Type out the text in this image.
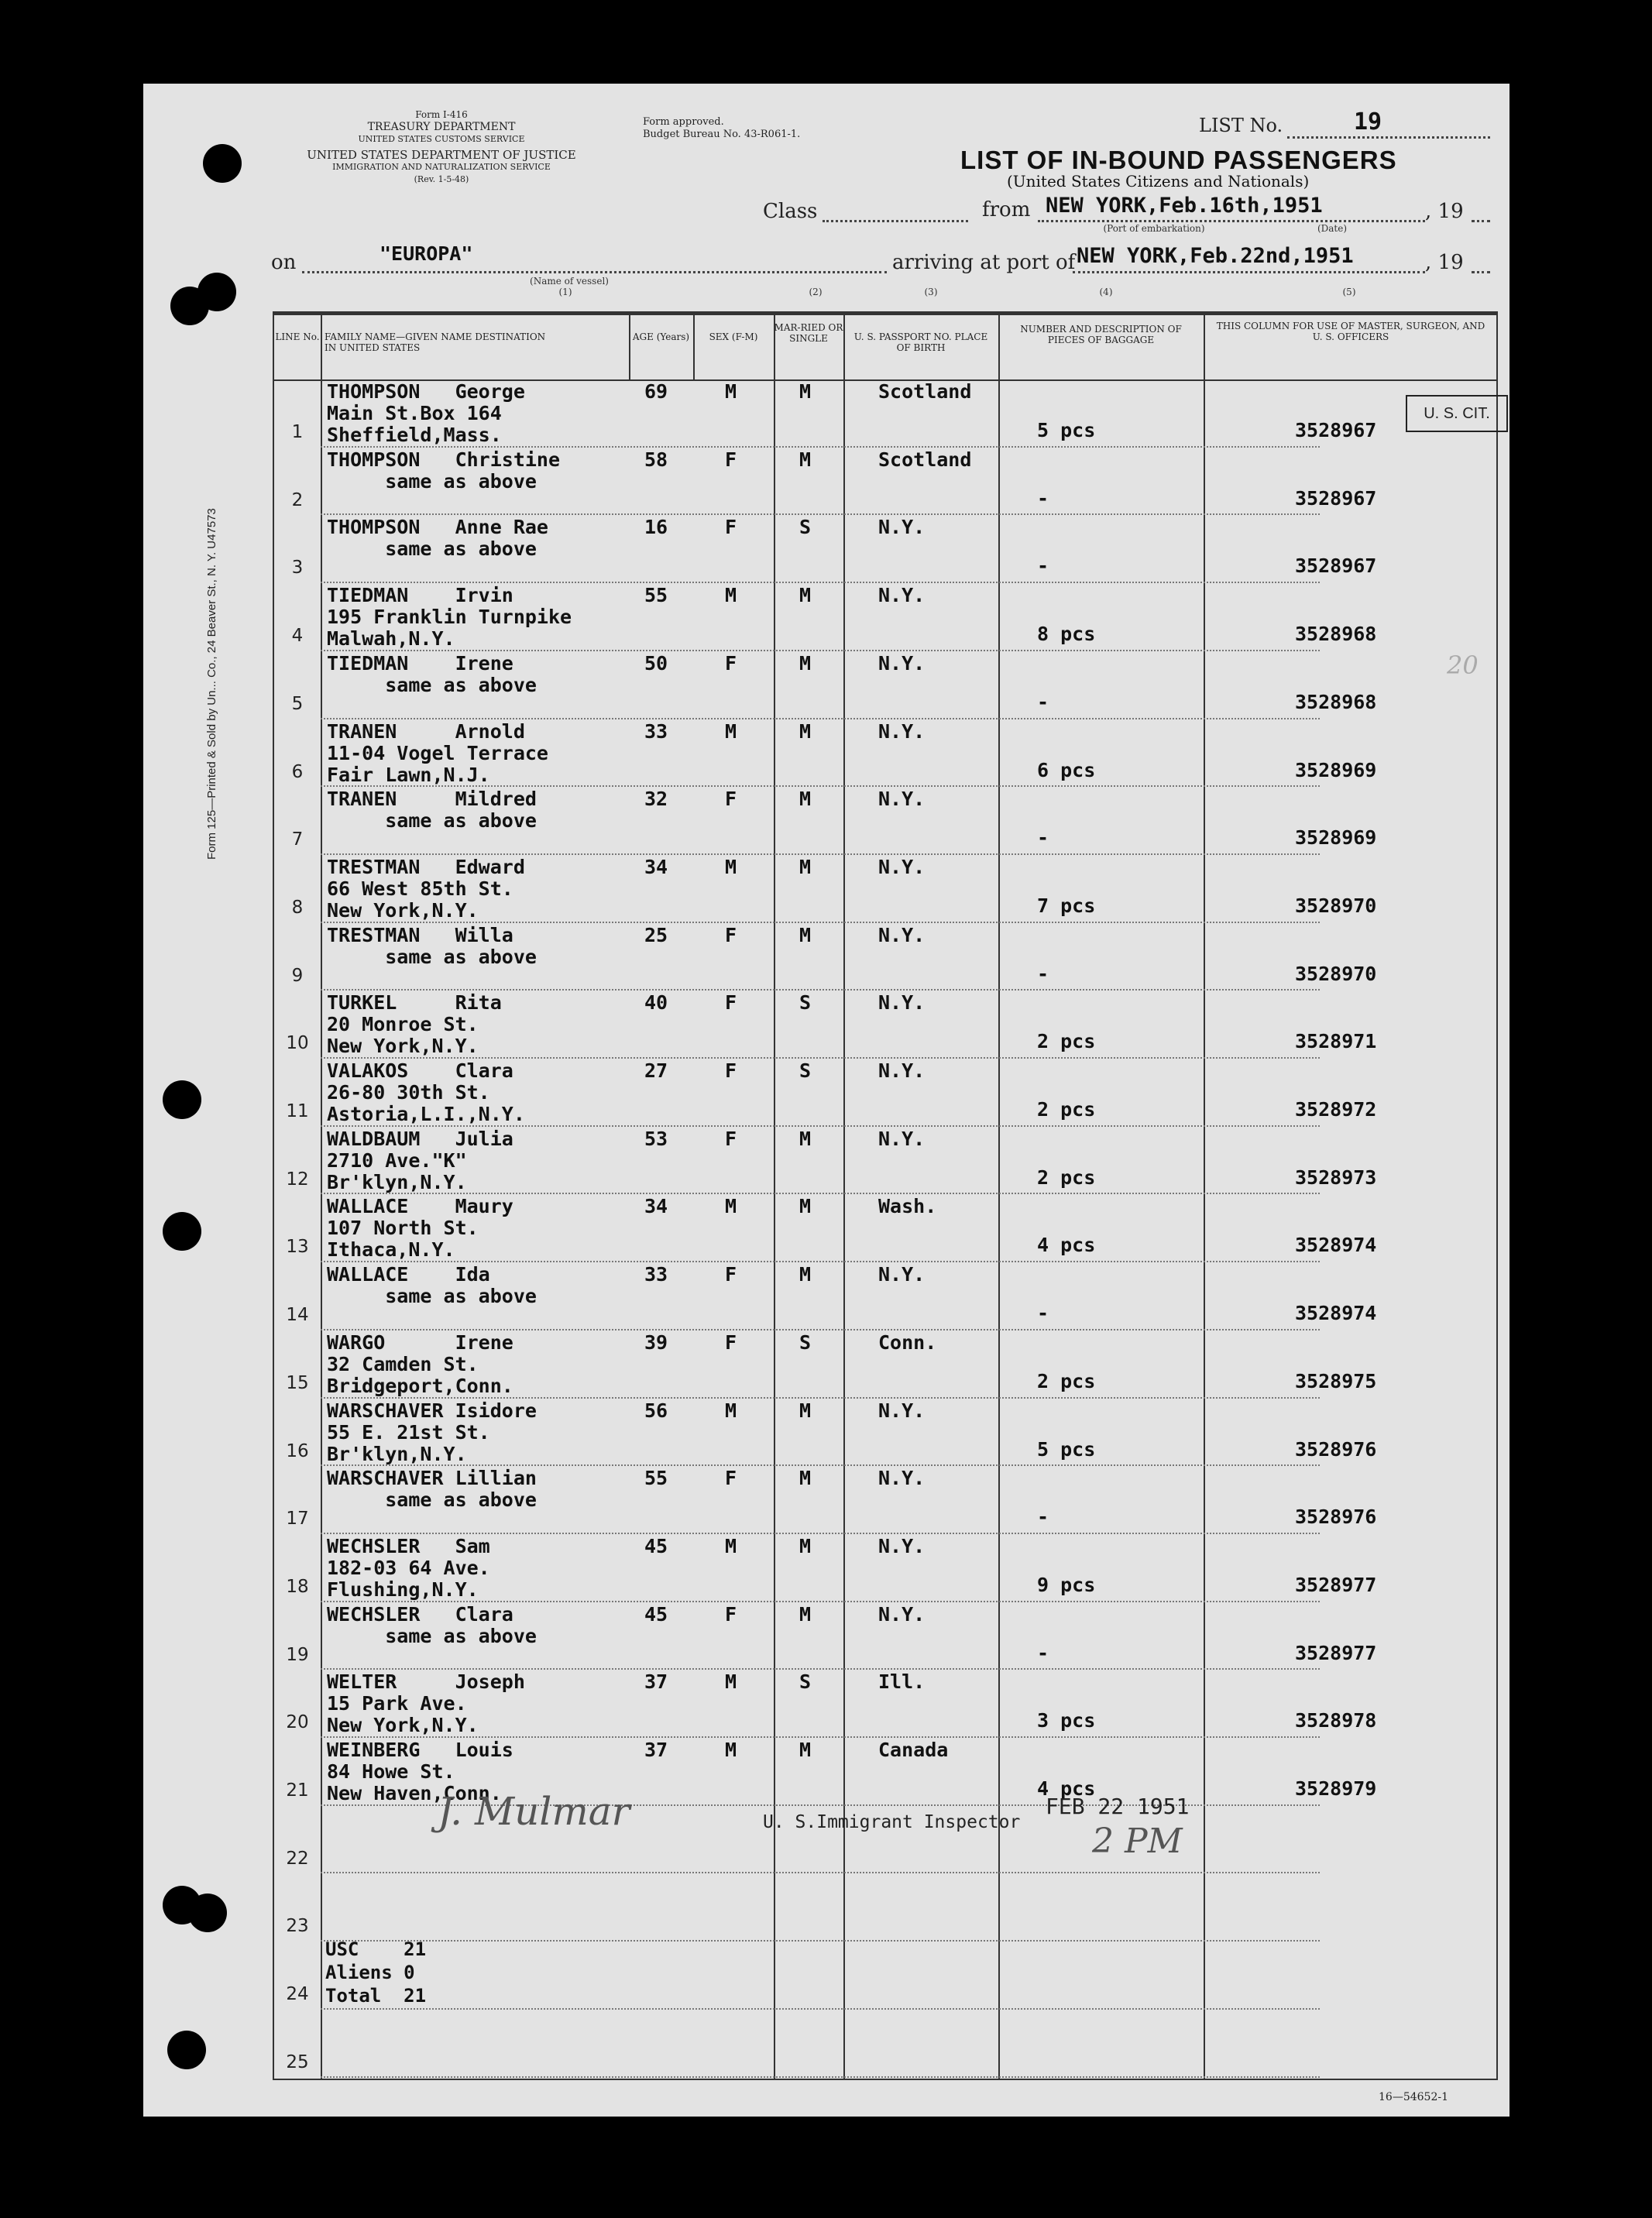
Form 125—Printed & Sold by Un... Co., 24 Beaver St., N. Y. U47573
Form I-416
TREASURY DEPARTMENT
UNITED STATES CUSTOMS SERVICE
UNITED STATES DEPARTMENT OF JUSTICE
IMMIGRATION AND NATURALIZATION SERVICE
(Rev. 1-5-48)
Form approved.
Budget Bureau No. 43-R061-1.	LIST No.	19
LIST OF IN-BOUND PASSENGERS
(United States Citizens and Nationals)
Class	from NEW YORK,Feb.16th,1951	, 19
(Port of embarkation)	(Date)
on	"EUROPA"
(Name of vessel)
(1)
arriving at port of NEW YORK,Feb.22nd,1951	, 19
(2)	(3)	(4)	(5)
LINE No. FAMILY NAME—GIVEN NAME DESTINATION IN UNITED STATES
AGE (Years)	SEX (F-M)
MAR-RIED OR SINGLE	U. S. PASSPORT NO. PLACE OF BIRTH
NUMBER AND DESCRIPTION OF PIECES OF BAGGAGE
THIS COLUMN FOR USE OF MASTER, SURGEON, AND U. S. OFFICERS
1
THOMPSON   George
Main St.Box 164
Sheffield,Mass.
69	M	M	Scotland
5 pcs	3528967
2
THOMPSON   Christine
same as above
58	F	M	Scotland
-	3528967
3
THOMPSON   Anne Rae
same as above
16	F	S	N.Y.
-	3528967
4
TIEDMAN    Irvin
195 Franklin Turnpike
Malwah,N.Y.
55	M	M	N.Y.
8 pcs	3528968
5
TIEDMAN    Irene
same as above
50	F	M	N.Y.
-	3528968
6
TRANEN     Arnold
11-04 Vogel Terrace
Fair Lawn,N.J.
33	M	M	N.Y.
6 pcs	3528969
7
TRANEN     Mildred
same as above
32	F	M	N.Y.
-	3528969
8
TRESTMAN   Edward
66 West 85th St.
New York,N.Y.
34	M	M	N.Y.
7 pcs	3528970
9
TRESTMAN   Willa
same as above
25	F	M	N.Y.
-	3528970
10
TURKEL     Rita
20 Monroe St.
New York,N.Y.
40	F	S	N.Y.
2 pcs	3528971
11
VALAKOS    Clara
26-80 30th St.
Astoria,L.I.,N.Y.
27	F	S	N.Y.
2 pcs	3528972
12
WALDBAUM   Julia
2710 Ave."K"
Br'klyn,N.Y.
53	F	M	N.Y.
2 pcs	3528973
13
WALLACE    Maury
107 North St.
Ithaca,N.Y.
34	M	M	Wash.
4 pcs	3528974
14
WALLACE    Ida
same as above
33	F	M	N.Y.
-	3528974
15
WARGO      Irene
32 Camden St.
Bridgeport,Conn.
39	F	S	Conn.
2 pcs	3528975
16
WARSCHAVER Isidore
55 E. 21st St.
Br'klyn,N.Y.
56	M	M	N.Y.
5 pcs	3528976
17
WARSCHAVER Lillian
same as above
55	F	M	N.Y.
-	3528976
18
WECHSLER   Sam
182-03 64 Ave.
Flushing,N.Y.
45	M	M	N.Y.
9 pcs	3528977
19
WECHSLER   Clara
same as above
45	F	M	N.Y.
-	3528977
20
WELTER     Joseph
15 Park Ave.
New York,N.Y.
37	M	S	Ill.
3 pcs	3528978
21
WEINBERG   Louis
84 Howe St.
New Haven,Conn.
37	M	M	Canada
4 pcs	3528979
22
23
24
25
U. S. CIT.
USC    21
Aliens 0
Total  21
U. S.Immigrant Inspector
FEB 22 1951
2 PM
J. Mulmar
20
16—54652-1
